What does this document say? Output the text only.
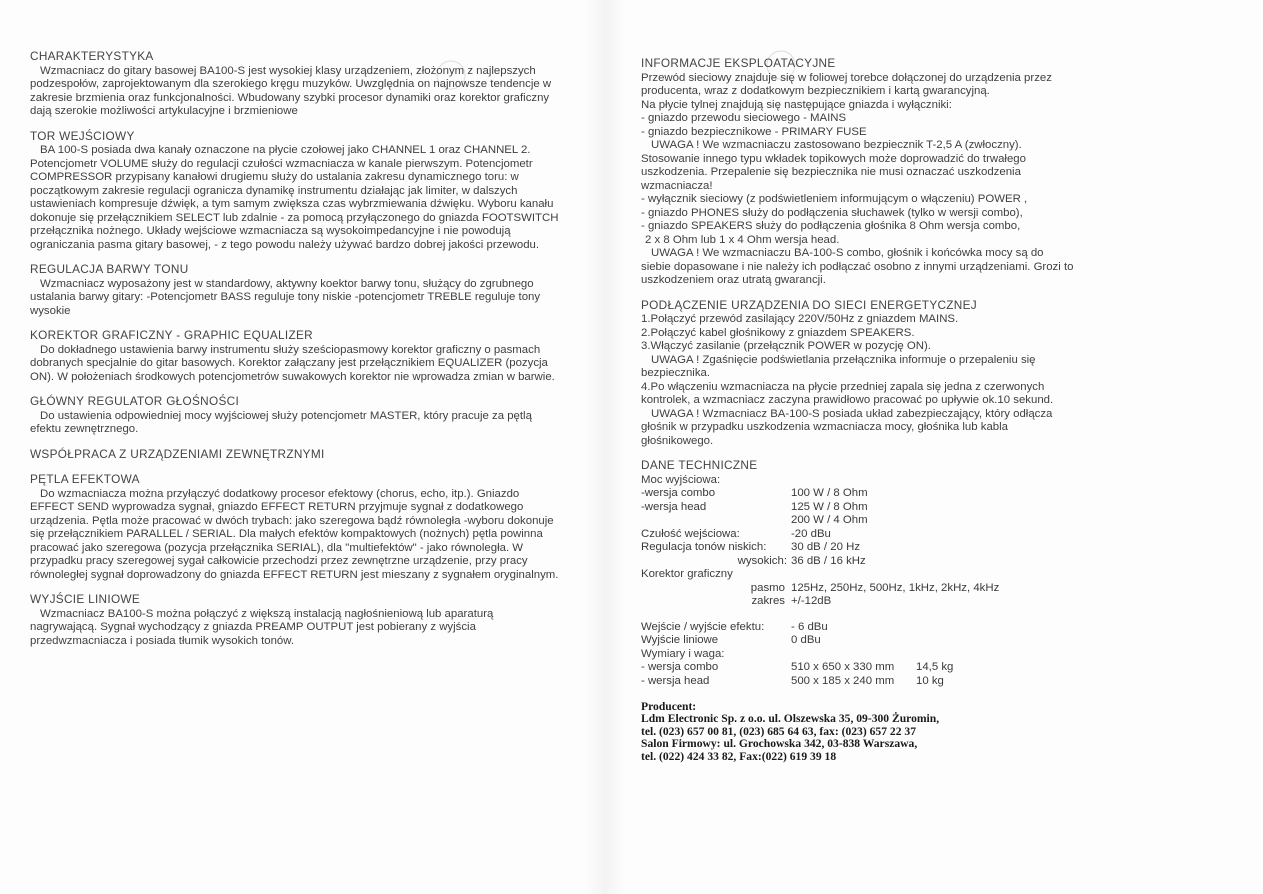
CHARAKTERYSTYKA
Wzmacniacz do gitary basowej BA100-S jest wysokiej klasy urządzeniem, złożonym z najlepszych podzespołów, zaprojektowanym dla szerokiego kręgu muzyków. Uwzględnia on najnowsze tendencje w zakresie brzmienia oraz funkcjonalności. Wbudowany szybki procesor dynamiki oraz korektor graficzny dają szerokie możliwości artykulacyjne i brzmieniowe
TOR WEJŚCIOWY
BA 100-S posiada dwa kanały oznaczone na płycie czołowej jako CHANNEL 1 oraz CHANNEL 2. Potencjometr VOLUME służy do regulacji czułości wzmacniacza w kanale pierwszym. Potencjometr COMPRESSOR przypisany kanałowi drugiemu służy do ustalania zakresu dynamicznego toru: w początkowym zakresie regulacji ogranicza dynamikę instrumentu działając jak limiter, w dalszych ustawieniach kompresuje dźwięk, a tym samym zwiększa czas wybrzmiewania dźwięku. Wyboru kanału dokonuje się przełącznikiem SELECT lub zdalnie - za pomocą przyłączonego do gniazda FOOTSWITCH przełącznika nożnego. Układy wejściowe wzmacniacza są wysokoimpedancyjne i nie powodują ograniczania pasma gitary basowej, - z tego powodu należy używać bardzo dobrej jakości przewodu.
REGULACJA BARWY TONU
Wzmacniacz wyposażony jest w standardowy, aktywny koektor barwy tonu, służący do zgrubnego ustalania barwy gitary: -Potencjometr BASS reguluje tony niskie -potencjometr TREBLE reguluje tony wysokie
KOREKTOR GRAFICZNY - GRAPHIC EQUALIZER
Do dokładnego ustawienia barwy instrumentu służy sześciopasmowy korektor graficzny o pasmach dobranych specjalnie do gitar basowych. Korektor załączany jest przełącznikiem EQUALIZER (pozycja ON). W położeniach środkowych potencjometrów suwakowych korektor nie wprowadza zmian w barwie.
GŁÓWNY REGULATOR GŁOŚNOŚCI
Do ustawienia odpowiedniej mocy wyjściowej służy potencjometr MASTER, który pracuje za pętlą efektu zewnętrznego.
WSPÓŁPRACA Z URZĄDZENIAMI ZEWNĘTRZNYMI
PĘTLA EFEKTOWA
Do wzmacniacza można przyłączyć dodatkowy procesor efektowy (chorus, echo, itp.). Gniazdo EFFECT SEND wyprowadza sygnał, gniazdo EFFECT RETURN przyjmuje sygnał z dodatkowego urządzenia. Pętla może pracować w dwóch trybach: jako szeregowa bądź równoległa -wyboru dokonuje się przełącznikiem PARALLEL / SERIAL. Dla małych efektów kompaktowych (nożnych) pętla powinna pracować jako szeregowa (pozycja przełącznika SERIAL), dla "multiefektów" - jako równoległa. W przypadku pracy szeregowej sygał całkowicie przechodzi przez zewnętrzne urządzenie, przy pracy równoległej sygnał doprowadzony do gniazda EFFECT RETURN jest mieszany z sygnałem oryginalnym.
WYJŚCIE LINIOWE
Wzmacniacz BA100-S można połączyć z większą instalacją nagłośnieniową lub aparaturą nagrywającą. Sygnał wychodzący z gniazda PREAMP OUTPUT jest pobierany z wyjścia przedwzmacniacza i posiada tłumik wysokich tonów.
INFORMACJE EKSPLOATACYJNE
Przewód sieciowy znajduje się w foliowej torebce dołączonej do urządzenia przez
producenta, wraz z dodatkowym bezpiecznikiem i kartą gwarancyjną.
Na płycie tylnej znajdują się następujące gniazda i wyłączniki:
- gniazdo przewodu sieciowego - MAINS
- gniazdo bezpiecznikowe - PRIMARY FUSE
UWAGA ! We wzmacniaczu zastosowano bezpiecznik T-2,5 A (zwłoczny).
Stosowanie innego typu wkładek topikowych może doprowadzić do trwałego
uszkodzenia. Przepalenie się bezpiecznika nie musi oznaczać uszkodzenia
wzmacniacza!
- wyłącznik sieciowy (z podświetleniem informującym o włączeniu) POWER ,
- gniazdo PHONES służy do podłączenia słuchawek (tylko w wersji combo),
- gniazdo SPEAKERS służy do podłączenia głośnika 8 Ohm wersja combo,
2 x 8 Ohm lub 1 x 4 Ohm wersja head.
UWAGA ! We wzmacniaczu BA-100-S combo, głośnik i końcówka mocy są do
siebie dopasowane i nie należy ich podłączać osobno z innymi urządzeniami. Grozi to
uszkodzeniem oraz utratą gwarancji.
PODŁĄCZENIE URZĄDZENIA DO SIECI ENERGETYCZNEJ
1.Połączyć przewód zasilający 220V/50Hz z gniazdem MAINS.
2.Połączyć kabel głośnikowy z gniazdem SPEAKERS.
3.Włączyć zasilanie (przełącznik POWER w pozycję ON).
UWAGA ! Zgaśnięcie podświetlania przełącznika informuje o przepaleniu się
bezpiecznika.
4.Po włączeniu wzmacniacza na płycie przedniej zapala się jedna z czerwonych
kontrolek, a wzmacniacz zaczyna prawidłowo pracować po upływie ok.10 sekund.
UWAGA ! Wzmacniacz BA-100-S posiada układ zabezpieczający, który odłącza
głośnik w przypadku uszkodzenia wzmacniacza mocy, głośnika lub kabla
głośnikowego.
DANE TECHNICZNE
Moc wyjściowa:
-wersja combo	100 W / 8 Ohm
-wersja head	125 W / 8 Ohm
200 W / 4 Ohm
Czułość wejściowa:	-20 dBu
Regulacja tonów niskich:	30 dB / 20 Hz
wysokich: 36 dB / 16 kHz
Korektor graficzny
pasmo 125Hz, 250Hz, 500Hz, 1kHz, 2kHz, 4kHz
zakres +/-12dB
Wejście / wyjście efektu:	- 6 dBu
Wyjście liniowe	0 dBu
Wymiary i waga:
- wersja combo	510 x 650 x 330 mm	14,5 kg
- wersja head	500 x 185 x 240 mm	10 kg
Producent:
Ldm Electronic Sp. z o.o. ul. Olszewska 35, 09-300 Żuromin,
tel. (023) 657 00 81, (023) 685 64 63, fax: (023) 657 22 37
Salon Firmowy: ul. Grochowska 342, 03-838 Warszawa,
tel. (022) 424 33 82, Fax:(022) 619 39 18
